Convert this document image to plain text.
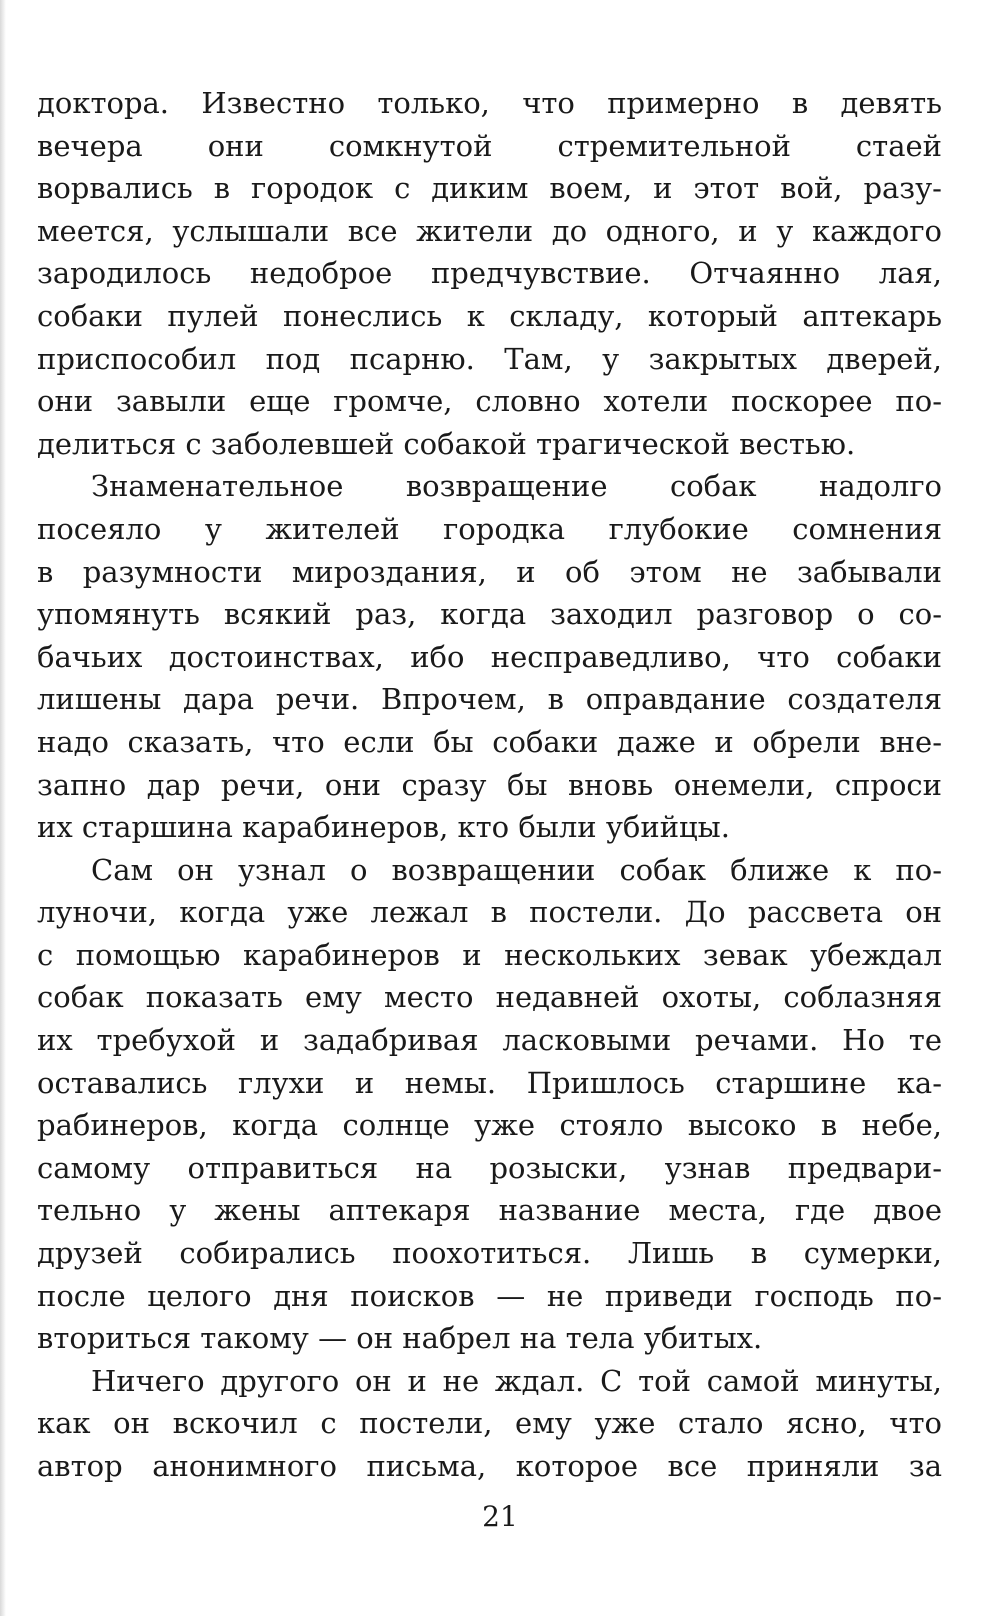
доктора. Известно только, что примерно в девять
вечера они сомкнутой стремительной стаей
ворвались в городок с диким воем, и этот вой, разу-
меется, услышали все жители до одного, и у каждого
зародилось недоброе предчувствие. Отчаянно лая,
собаки пулей понеслись к складу, который аптекарь
приспособил под псарню. Там, у закрытых дверей,
они завыли еще громче, словно хотели поскорее по-
делиться с заболевшей собакой трагической вестью.
Знаменательное возвращение собак надолго
посеяло у жителей городка глубокие сомнения
в разумности мироздания, и об этом не забывали
упомянуть всякий раз, когда заходил разговор о со-
бачьих достоинствах, ибо несправедливо, что собаки
лишены дара речи. Впрочем, в оправдание создателя
надо сказать, что если бы собаки даже и обрели вне-
запно дар речи, они сразу бы вновь онемели, спроси
их старшина карабинеров, кто были убийцы.
Сам он узнал о возвращении собак ближе к по-
луночи, когда уже лежал в постели. До рассвета он
с помощью карабинеров и нескольких зевак убеждал
собак показать ему место недавней охоты, соблазняя
их требухой и задабривая ласковыми речами. Но те
оставались глухи и немы. Пришлось старшине ка-
рабинеров, когда солнце уже стояло высоко в небе,
самому отправиться на розыски, узнав предвари-
тельно у жены аптекаря название места, где двое
друзей собирались поохотиться. Лишь в сумерки,
после целого дня поисков — не приведи господь по-
вториться такому — он набрел на тела убитых.
Ничего другого он и не ждал. С той самой минуты,
как он вскочил с постели, ему уже стало ясно, что
автор анонимного письма, которое все приняли за
21
